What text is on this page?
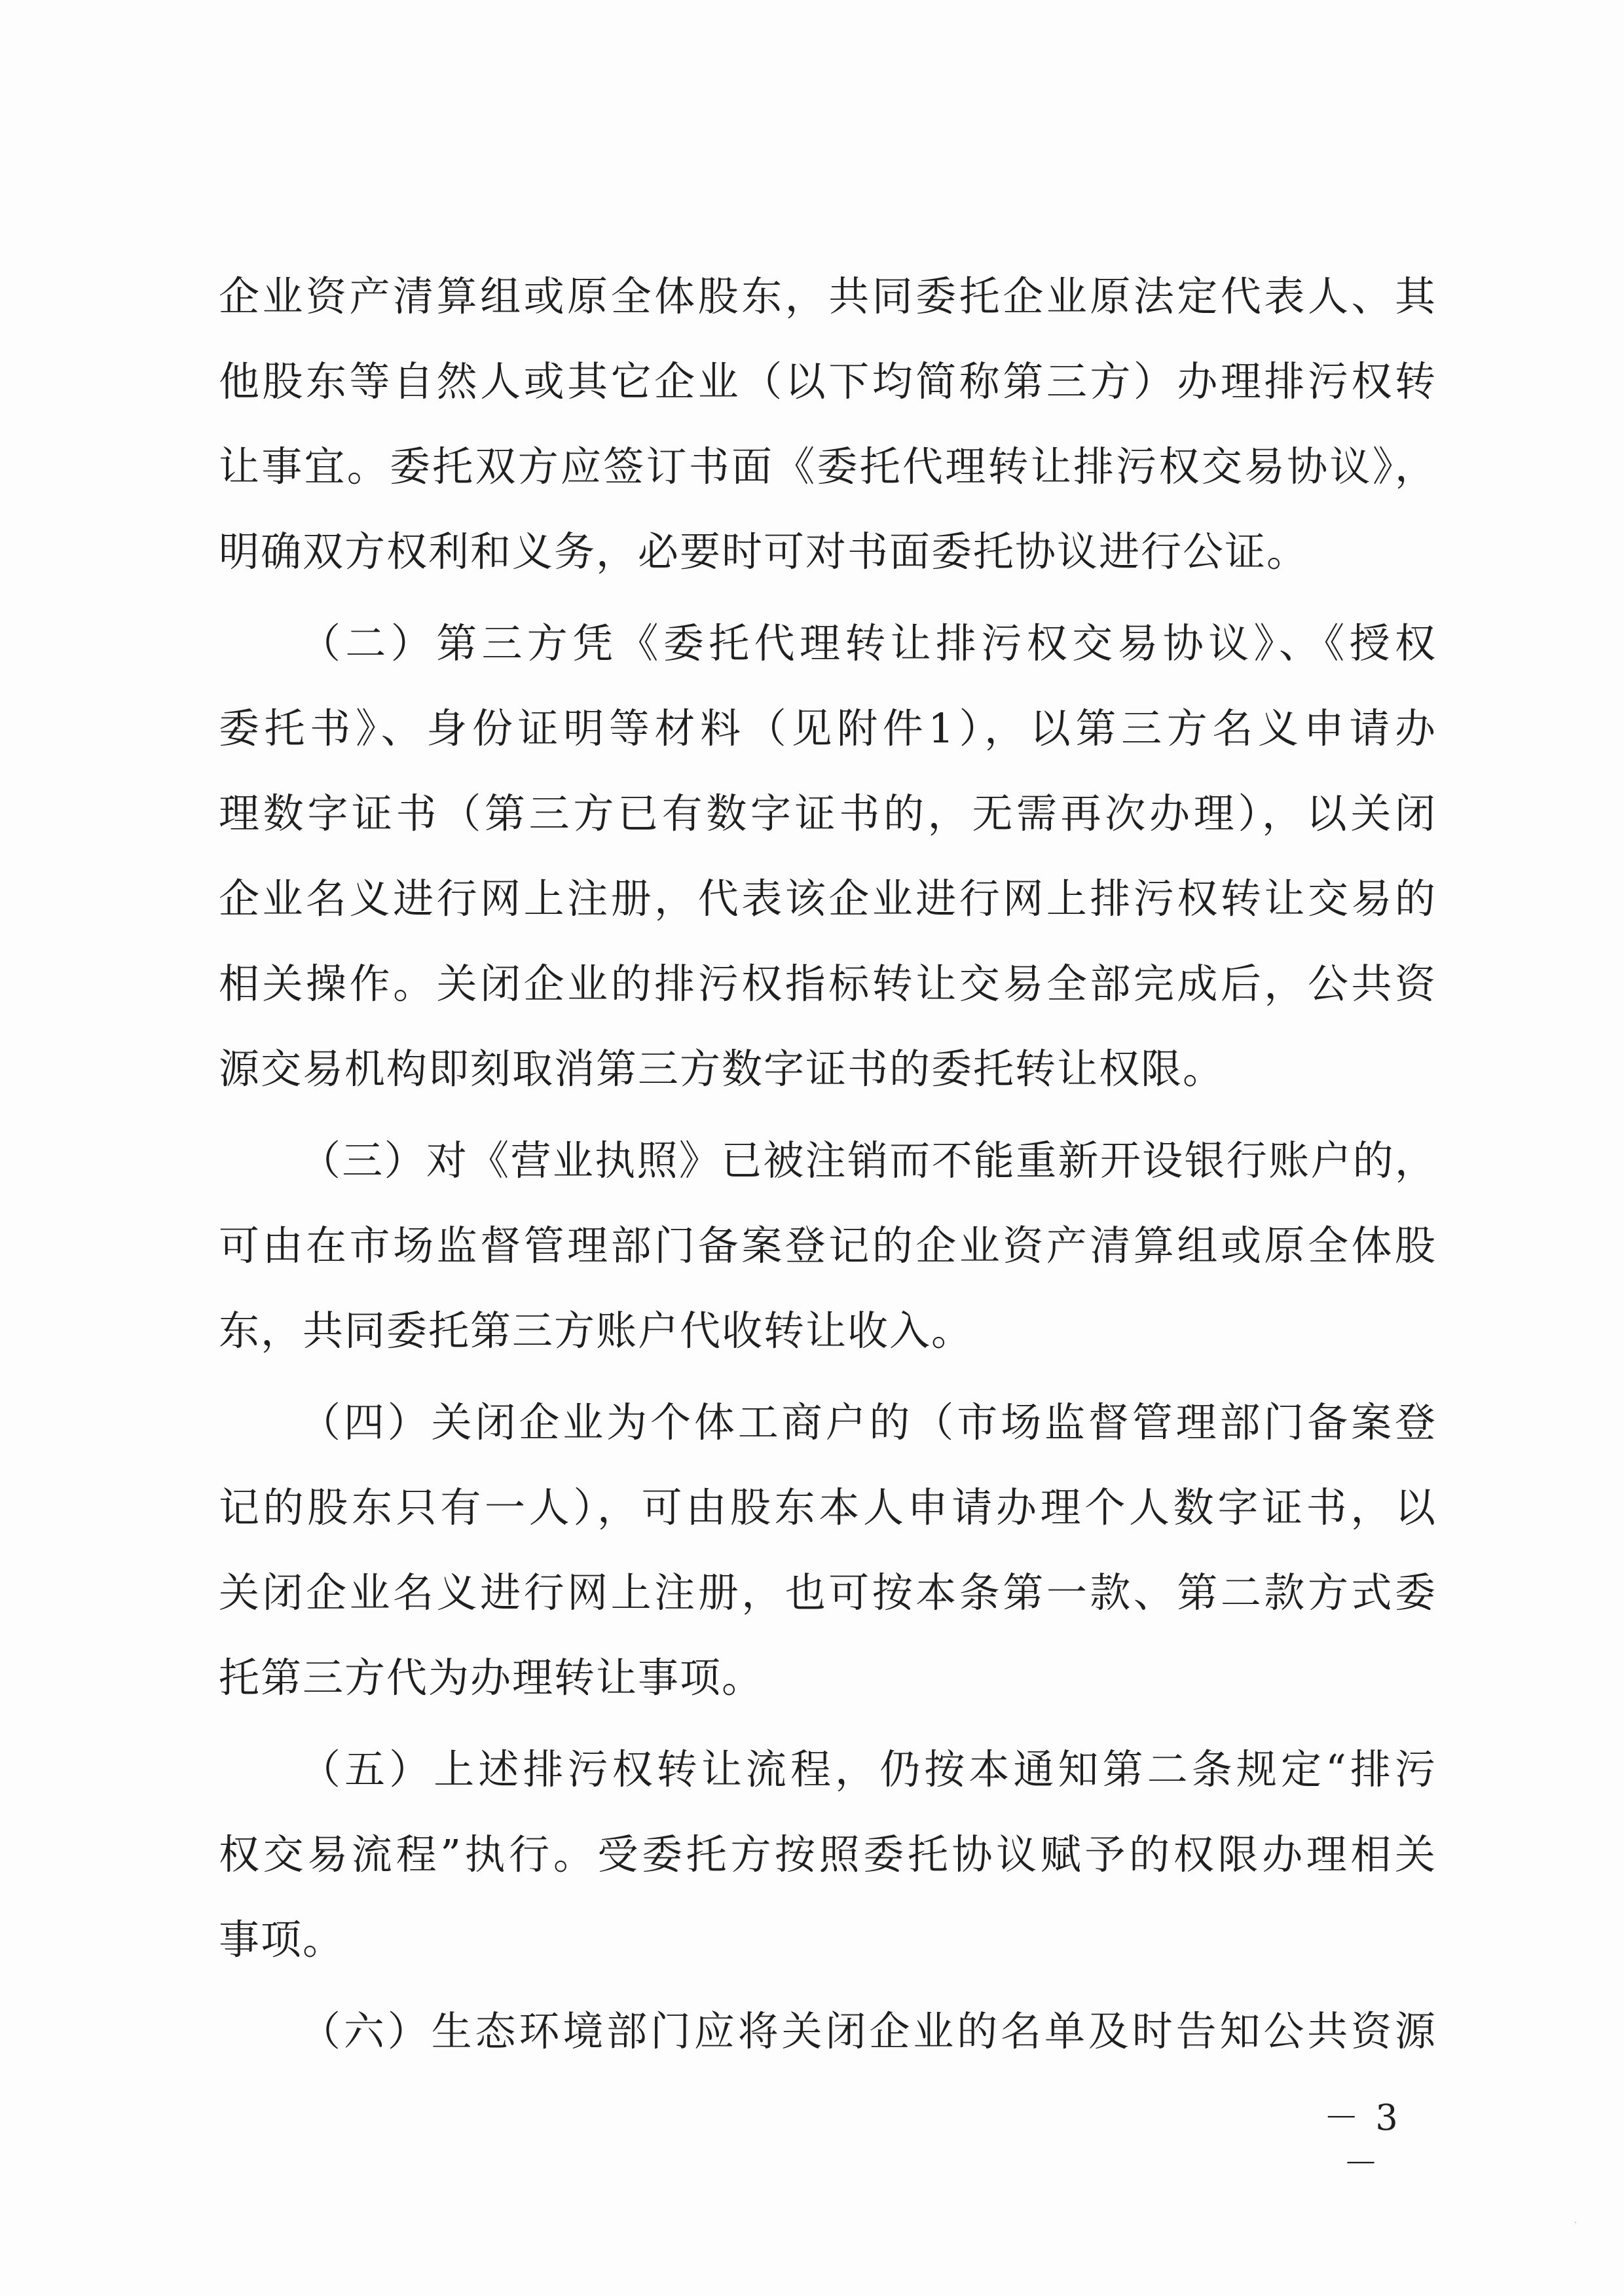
企业资产清算组或原全体股东，共同委托企业原法定代表人、其
他股东等自然人或其它企业（以下均简称第三方）办理排污权转
让事宜。委托双方应签订书面《委托代理转让排污权交易协议》，
明确双方权利和义务，必要时可对书面委托协议进行公证。
（二）第三方凭《委托代理转让排污权交易协议》、《授权
委托书》、身份证明等材料（见附件1），以第三方名义申请办
理数字证书（第三方已有数字证书的，无需再次办理），以关闭
企业名义进行网上注册，代表该企业进行网上排污权转让交易的
相关操作。关闭企业的排污权指标转让交易全部完成后，公共资
源交易机构即刻取消第三方数字证书的委托转让权限。
（三）对《营业执照》已被注销而不能重新开设银行账户的，
可由在市场监督管理部门备案登记的企业资产清算组或原全体股
东，共同委托第三方账户代收转让收入。
（四）关闭企业为个体工商户的（市场监督管理部门备案登
记的股东只有一人），可由股东本人申请办理个人数字证书，以
关闭企业名义进行网上注册，也可按本条第一款、第二款方式委
托第三方代为办理转让事项。
（五）上述排污权转让流程，仍按本通知第二条规定“排污
权交易流程”执行。受委托方按照委托协议赋予的权限办理相关
事项。
（六）生态环境部门应将关闭企业的名单及时告知公共资源
－ 3 －
·
